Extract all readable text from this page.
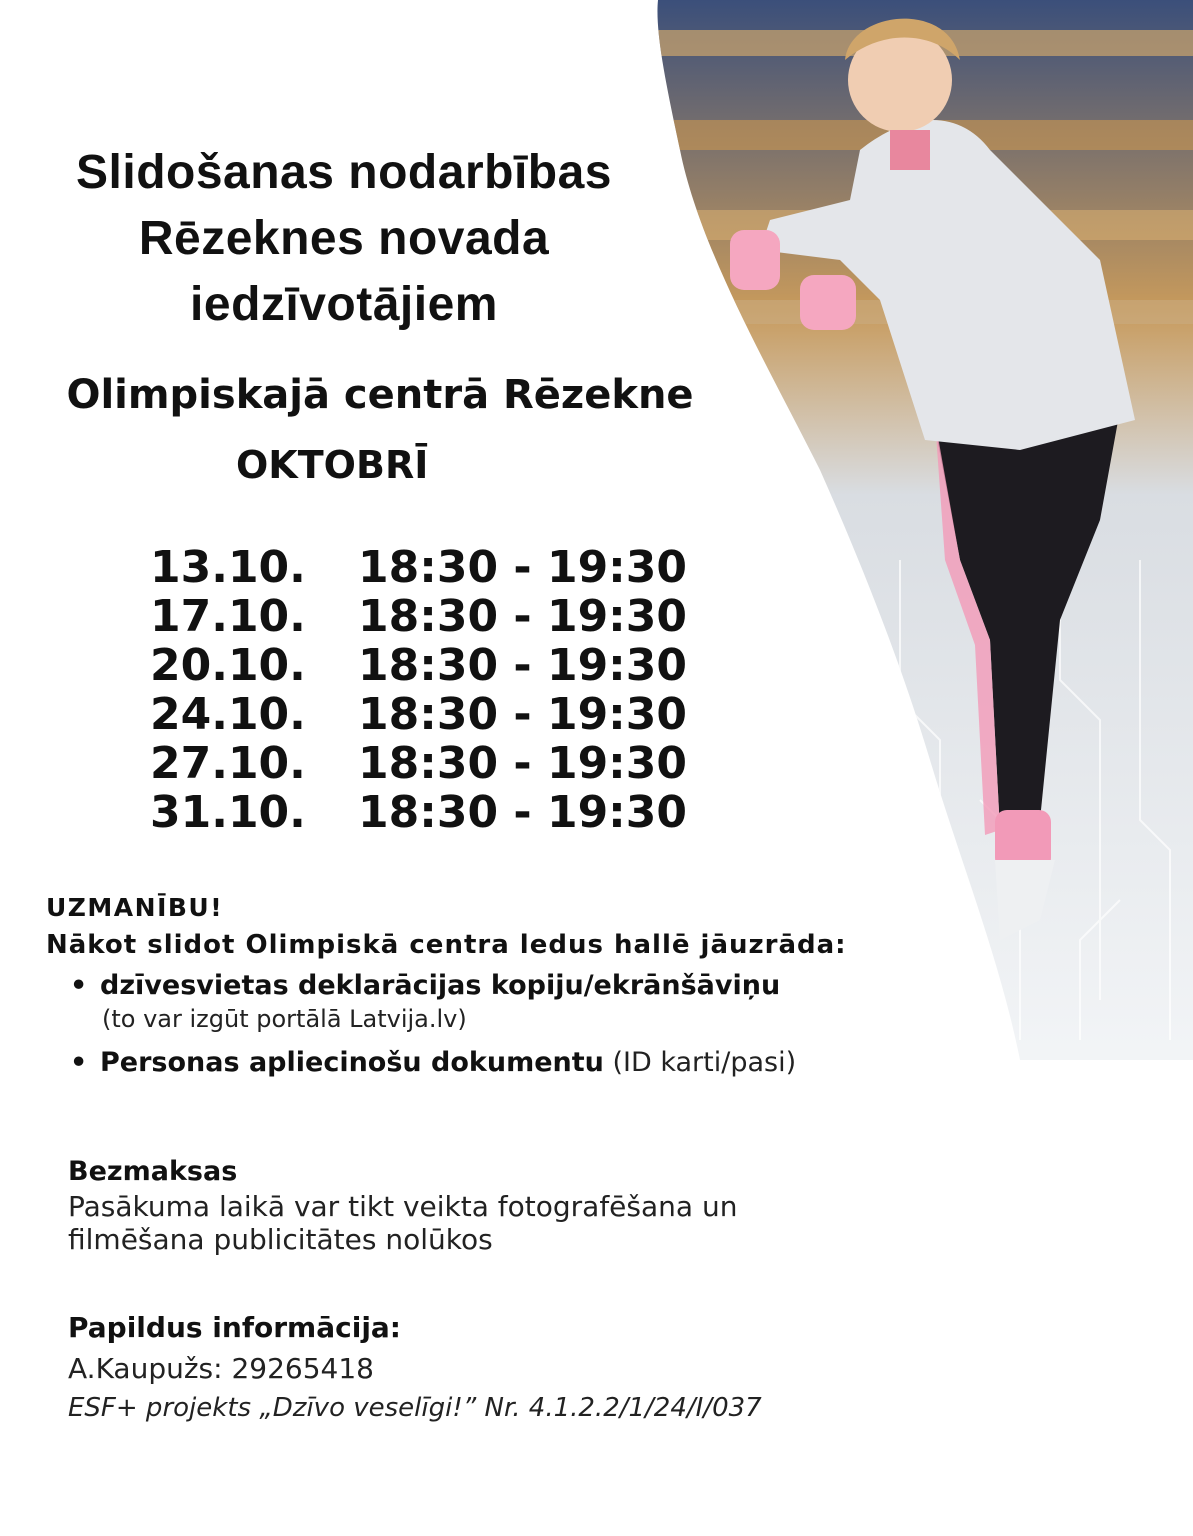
Slidošanas nodarbības
Rēzeknes novada
iedzīvotājiem
Olimpiskajā centrā Rēzekne
OKTOBRĪ
13.10.	18:30 - 19:30
17.10.	18:30 - 19:30
20.10.	18:30 - 19:30
24.10.	18:30 - 19:30
27.10.	18:30 - 19:30
31.10.	18:30 - 19:30
UZMANĪBU!
Nākot slidot Olimpiskā centra ledus hallē jāuzrāda:
• dzīvesvietas deklarācijas kopiju/ekrānšāviņu
(to var izgūt portālā Latvija.lv)
• Personas apliecinošu dokumentu (ID karti/pasi)
Bezmaksas
Pasākuma laikā var tikt veikta fotografēšana un filmēšana publicitātes nolūkos
Papildus informācija:
A.Kaupužs: 29265418
ESF+ projekts „Dzīvo veselīgi!” Nr. 4.1.2.2/1/24/I/037
